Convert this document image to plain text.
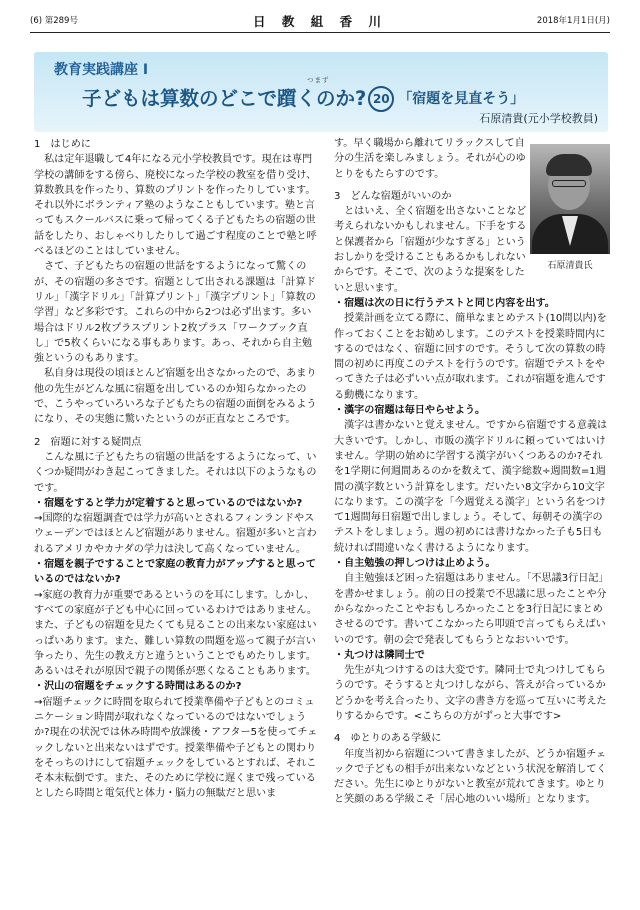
(6) 第289号	日 教 組 香 川	2018年1月1日(月)
教育実践講座 Ⅰ
つまず
子どもは算数のどこで躓くのか? 20 「宿題を見直そう」
石原清貴(元小学校教員)

1　はじめに

私は定年退職して4年になる元小学校教員です。現在は専門学校の講師をする傍ら、廃校になった学校の教室を借り受け、算数教具を作ったり、算数のプリントを作ったりしています。それ以外にボランティア塾のようなこともしています。塾と言ってもスクールバスに乗って帰ってくる子どもたちの宿題の世話をしたり、おしゃべりしたりして過ごす程度のことで塾と呼べるほどのことはしていません。

さて、子どもたちの宿題の世話をするようになって驚くのが、その宿題の多さです。宿題として出される課題は「計算ドリル」「漢字ドリル」「計算プリント」「漢字プリント」「算数の学習」など多彩です。これらの中から2つは必ず出ます。多い場合はドリル2枚プラスプリント2枚プラス「ワークブック直し」で5枚くらいになる事もあります。あっ、それから自主勉強というのもあります。

私自身は現役の頃ほとんど宿題を出さなかったので、あまり他の先生がどんな風に宿題を出しているのか知らなかったので、こうやっていろいろな子どもたちの宿題の面倒をみるようになり、その実態に驚いたというのが正直なところです。

2　宿題に対する疑問点

こんな風に子どもたちの宿題の世話をするようになって、いくつか疑問がわき起こってきました。それは以下のようなものです。

・宿題をすると学力が定着すると思っているのではないか?

→国際的な宿題調査では学力が高いとされるフィンランドやスウェーデンではほとんど宿題がありません。宿題が多いと言われるアメリカやカナダの学力は決して高くなっていません。

・宿題を親子ですることで家庭の教育力がアップすると思っているのではないか?

→家庭の教育力が重要であるというのを耳にします。しかし、すべての家庭が子ども中心に回っているわけではありません。また、子どもの宿題を見たくても見ることの出来ない家庭はいっぱいあります。また、難しい算数の問題を巡って親子が言い争ったり、先生の教え方と違うということでもめたりします。あるいはそれが原因で親子の関係が悪くなることもあります。

・沢山の宿題をチェックする時間はあるのか?

→宿題チェックに時間を取られて授業準備や子どもとのコミュニケーション時間が取れなくなっているのではないでしょうか?現在の状況では休み時間や放課後・アフター5を使ってチェックしないと出来ないはずです。授業準備や子どもとの関わりをそっちのけにして宿題チェックをしているとすれば、それこそ本末転倒です。また、そのために学校に遅くまで残っているとしたら時間と電気代と体力・脳力の無駄だと思いま

す。早く職場から離れてリラックスして自分の生活を楽しみましょう。それが心のゆとりをもたらすのです。

3　どんな宿題がいいのか

とはいえ、全く宿題を出さないことなど考えられないかもしれません。下手をすると保護者から「宿題が少なすぎる」というおしかりを受けることもあるかもしれないからです。そこで、次のような提案をしたいと思います。

・宿題は次の日に行うテストと同じ内容を出す。

授業計画を立てる際に、簡単なまとめテスト(10問以内)を作っておくことをお勧めします。このテストを授業時間内にするのではなく、宿題に回すのです。そうして次の算数の時間の初めに再度このテストを行うのです。宿題でテストをやってきた子は必ずいい点が取れます。これが宿題を進んでする動機になります。

・漢字の宿題は毎日やらせよう。

漢字は書かないと覚えません。ですから宿題でする意義は大きいです。しかし、市販の漢字ドリルに頼っていてはいけません。学期の始めに学習する漢字がいくつあるのか?それを1学期に何週間あるのかを数えて、漢字総数÷週間数=1週間の漢字数という計算をします。だいたい8文字から10文字になります。この漢字を「今週覚える漢字」という名をつけて1週間毎日宿題で出しましょう。そして、毎朝その漢字のテストをしましょう。週の初めには書けなかった子も5日も続ければ間違いなく書けるようになります。

・自主勉強の押しつけは止めよう。

自主勉強ほど困った宿題はありません。「不思議3行日記」を書かせましょう。前の日の授業で不思議に思ったことや分からなかったことやおもしろかったことを3行日記にまとめさせるのです。書いてこなかったら叩頭で言ってもらえばいいのです。朝の会で発表してもらうとなおいいです。

・丸つけは隣同士で

先生が丸つけするのは大変です。隣同士で丸つけしてもらうのです。そうすると丸つけしながら、答えが合っているかどうかを考え合ったり、文字の書き方を巡って互いに考えたりするからです。<こちらの方がずっと大事です>

4　ゆとりのある学級に

年度当初から宿題について書きましたが、どうか宿題チェックで子どもの相手が出来ないなどという状況を解消してください。先生にゆとりがないと教室が荒れてきます。ゆとりと笑顔のある学級こそ「居心地のいい場所」となります。

石原清貴氏
